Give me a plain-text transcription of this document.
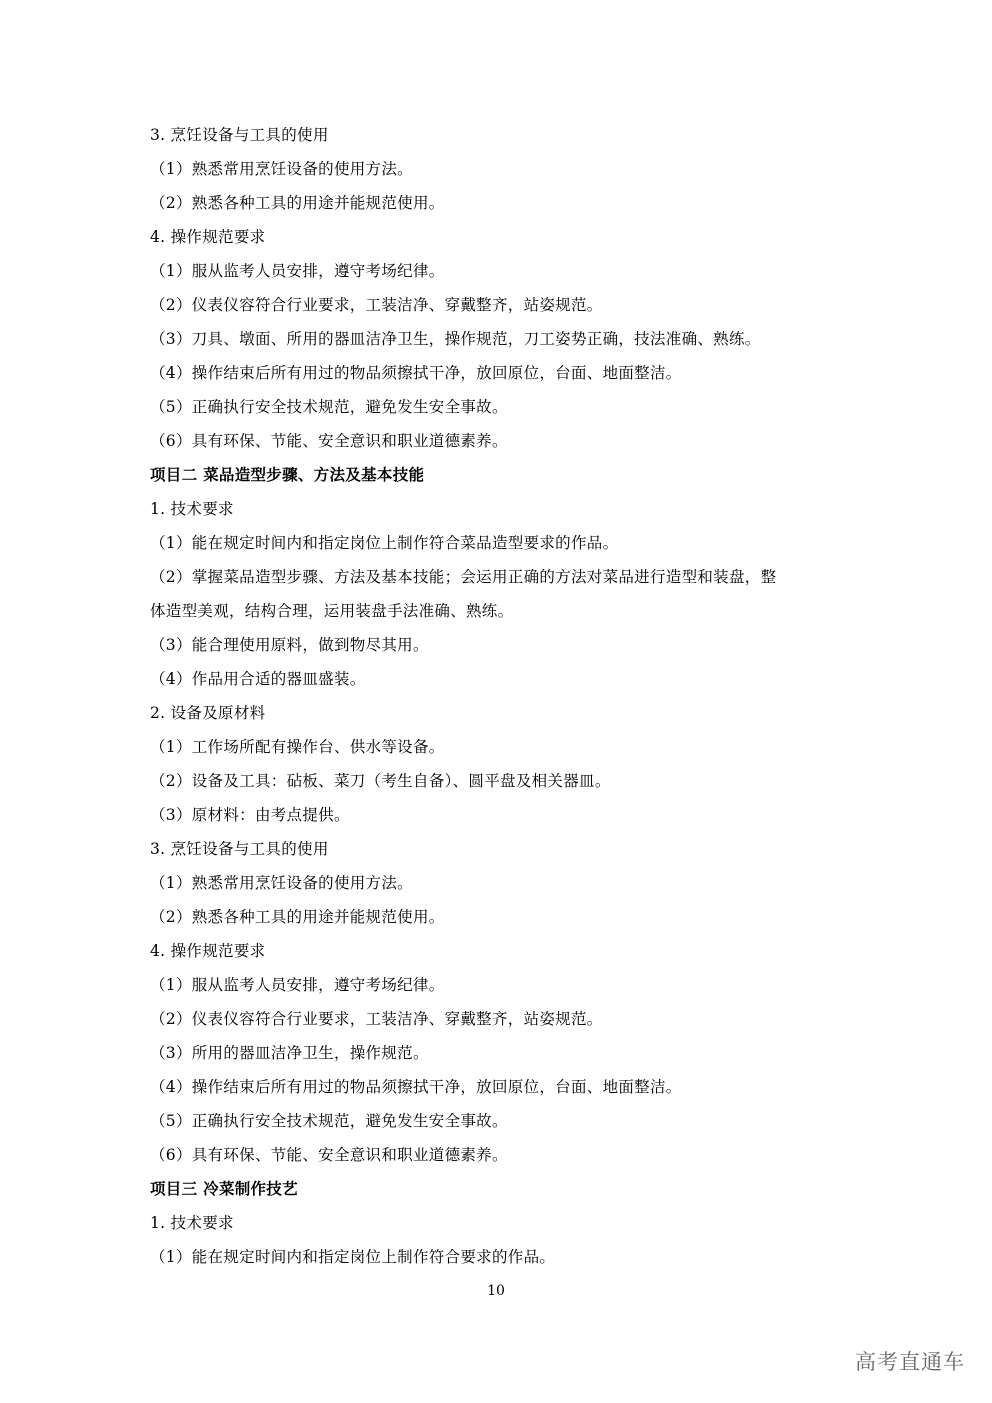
3. 烹饪设备与工具的使用
（1）熟悉常用烹饪设备的使用方法。
（2）熟悉各种工具的用途并能规范使用。
4. 操作规范要求
（1）服从监考人员安排，遵守考场纪律。
（2）仪表仪容符合行业要求，工装洁净、穿戴整齐，站姿规范。
（3）刀具、墩面、所用的器皿洁净卫生，操作规范，刀工姿势正确，技法准确、熟练。
（4）操作结束后所有用过的物品须擦拭干净，放回原位，台面、地面整洁。
（5）正确执行安全技术规范，避免发生安全事故。
（6）具有环保、节能、安全意识和职业道德素养。
项目二 菜品造型步骤、方法及基本技能
1. 技术要求
（1）能在规定时间内和指定岗位上制作符合菜品造型要求的作品。
（2）掌握菜品造型步骤、方法及基本技能；会运用正确的方法对菜品进行造型和装盘，整
体造型美观，结构合理，运用装盘手法准确、熟练。
（3）能合理使用原料，做到物尽其用。
（4）作品用合适的器皿盛装。
2. 设备及原材料
（1）工作场所配有操作台、供水等设备。
（2）设备及工具：砧板、菜刀（考生自备）、圆平盘及相关器皿。
（3）原材料：由考点提供。
3. 烹饪设备与工具的使用
（1）熟悉常用烹饪设备的使用方法。
（2）熟悉各种工具的用途并能规范使用。
4. 操作规范要求
（1）服从监考人员安排，遵守考场纪律。
（2）仪表仪容符合行业要求，工装洁净、穿戴整齐，站姿规范。
（3）所用的器皿洁净卫生，操作规范。
（4）操作结束后所有用过的物品须擦拭干净，放回原位，台面、地面整洁。
（5）正确执行安全技术规范，避免发生安全事故。
（6）具有环保、节能、安全意识和职业道德素养。
项目三 冷菜制作技艺
1. 技术要求
（1）能在规定时间内和指定岗位上制作符合要求的作品。
10
高考直通车
